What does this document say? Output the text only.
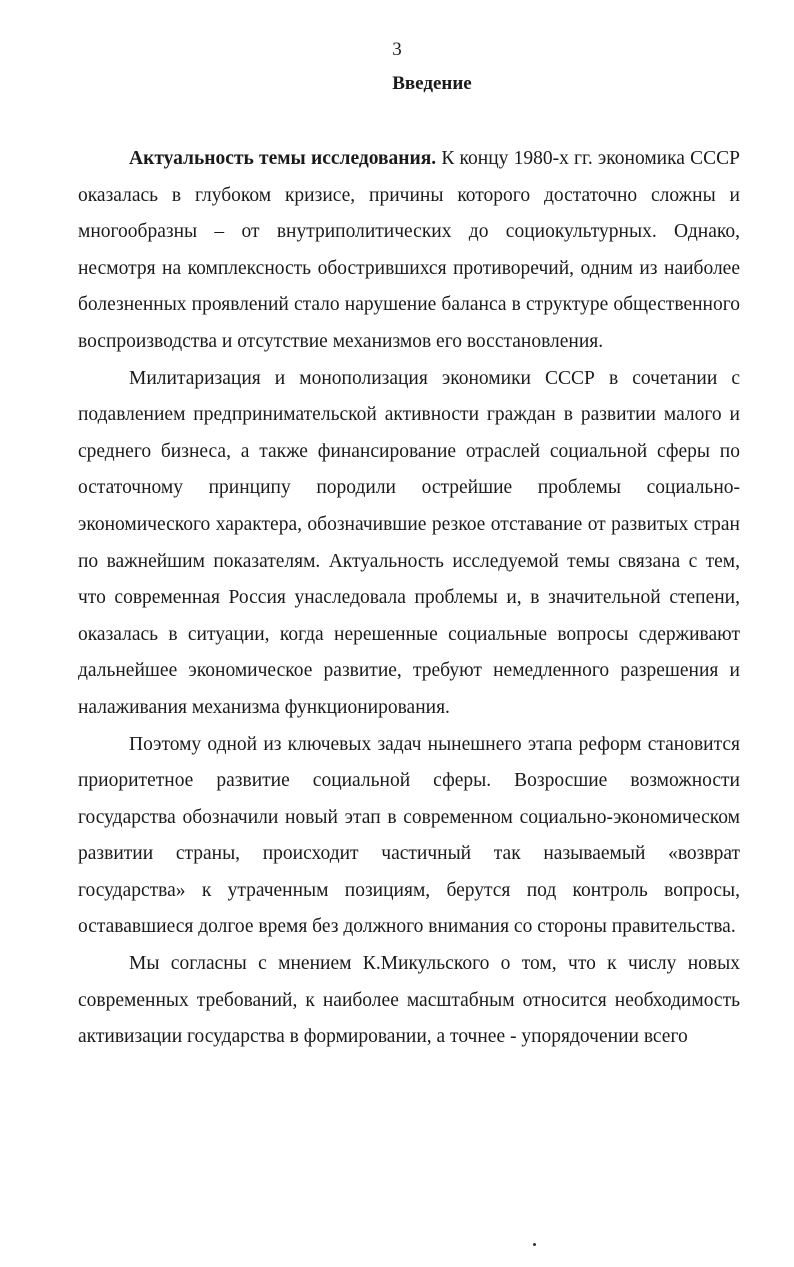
3
Введение

Актуальность темы исследования. К концу 1980-х гг. экономика СССР оказалась в глубоком кризисе, причины которого достаточно сложны и многообразны – от внутриполитических до социокультурных. Однако, несмотря на комплексность обострившихся противоречий, одним из наиболее болезненных проявлений стало нарушение баланса в структуре общественного воспроизводства и отсутствие механизмов его восстановления.

Милитаризация и монополизация экономики СССР в сочетании с подавлением предпринимательской активности граждан в развитии малого и среднего бизнеса, а также финансирование отраслей социальной сферы по остаточному принципу породили острейшие проблемы социально-экономического характера, обозначившие резкое отставание от развитых стран по важнейшим показателям. Актуальность исследуемой темы связана с тем, что современная Россия унаследовала проблемы и, в значительной степени, оказалась в ситуации, когда нерешенные социальные вопросы сдерживают дальнейшее экономическое развитие, требуют немедленного разрешения и налаживания механизма функционирования.

Поэтому одной из ключевых задач нынешнего этапа реформ становится приоритетное развитие социальной сферы. Возросшие возможности государства обозначили новый этап в современном социально-экономическом развитии страны, происходит частичный так называемый «возврат государства» к утраченным позициям, берутся под контроль вопросы, остававшиеся долгое время без должного внимания со стороны правительства.

Мы согласны с мнением К.Микульского о том, что к числу новых современных требований, к наиболее масштабным относится необходимость активизации государства в формировании, а точнее - упорядочении всего
